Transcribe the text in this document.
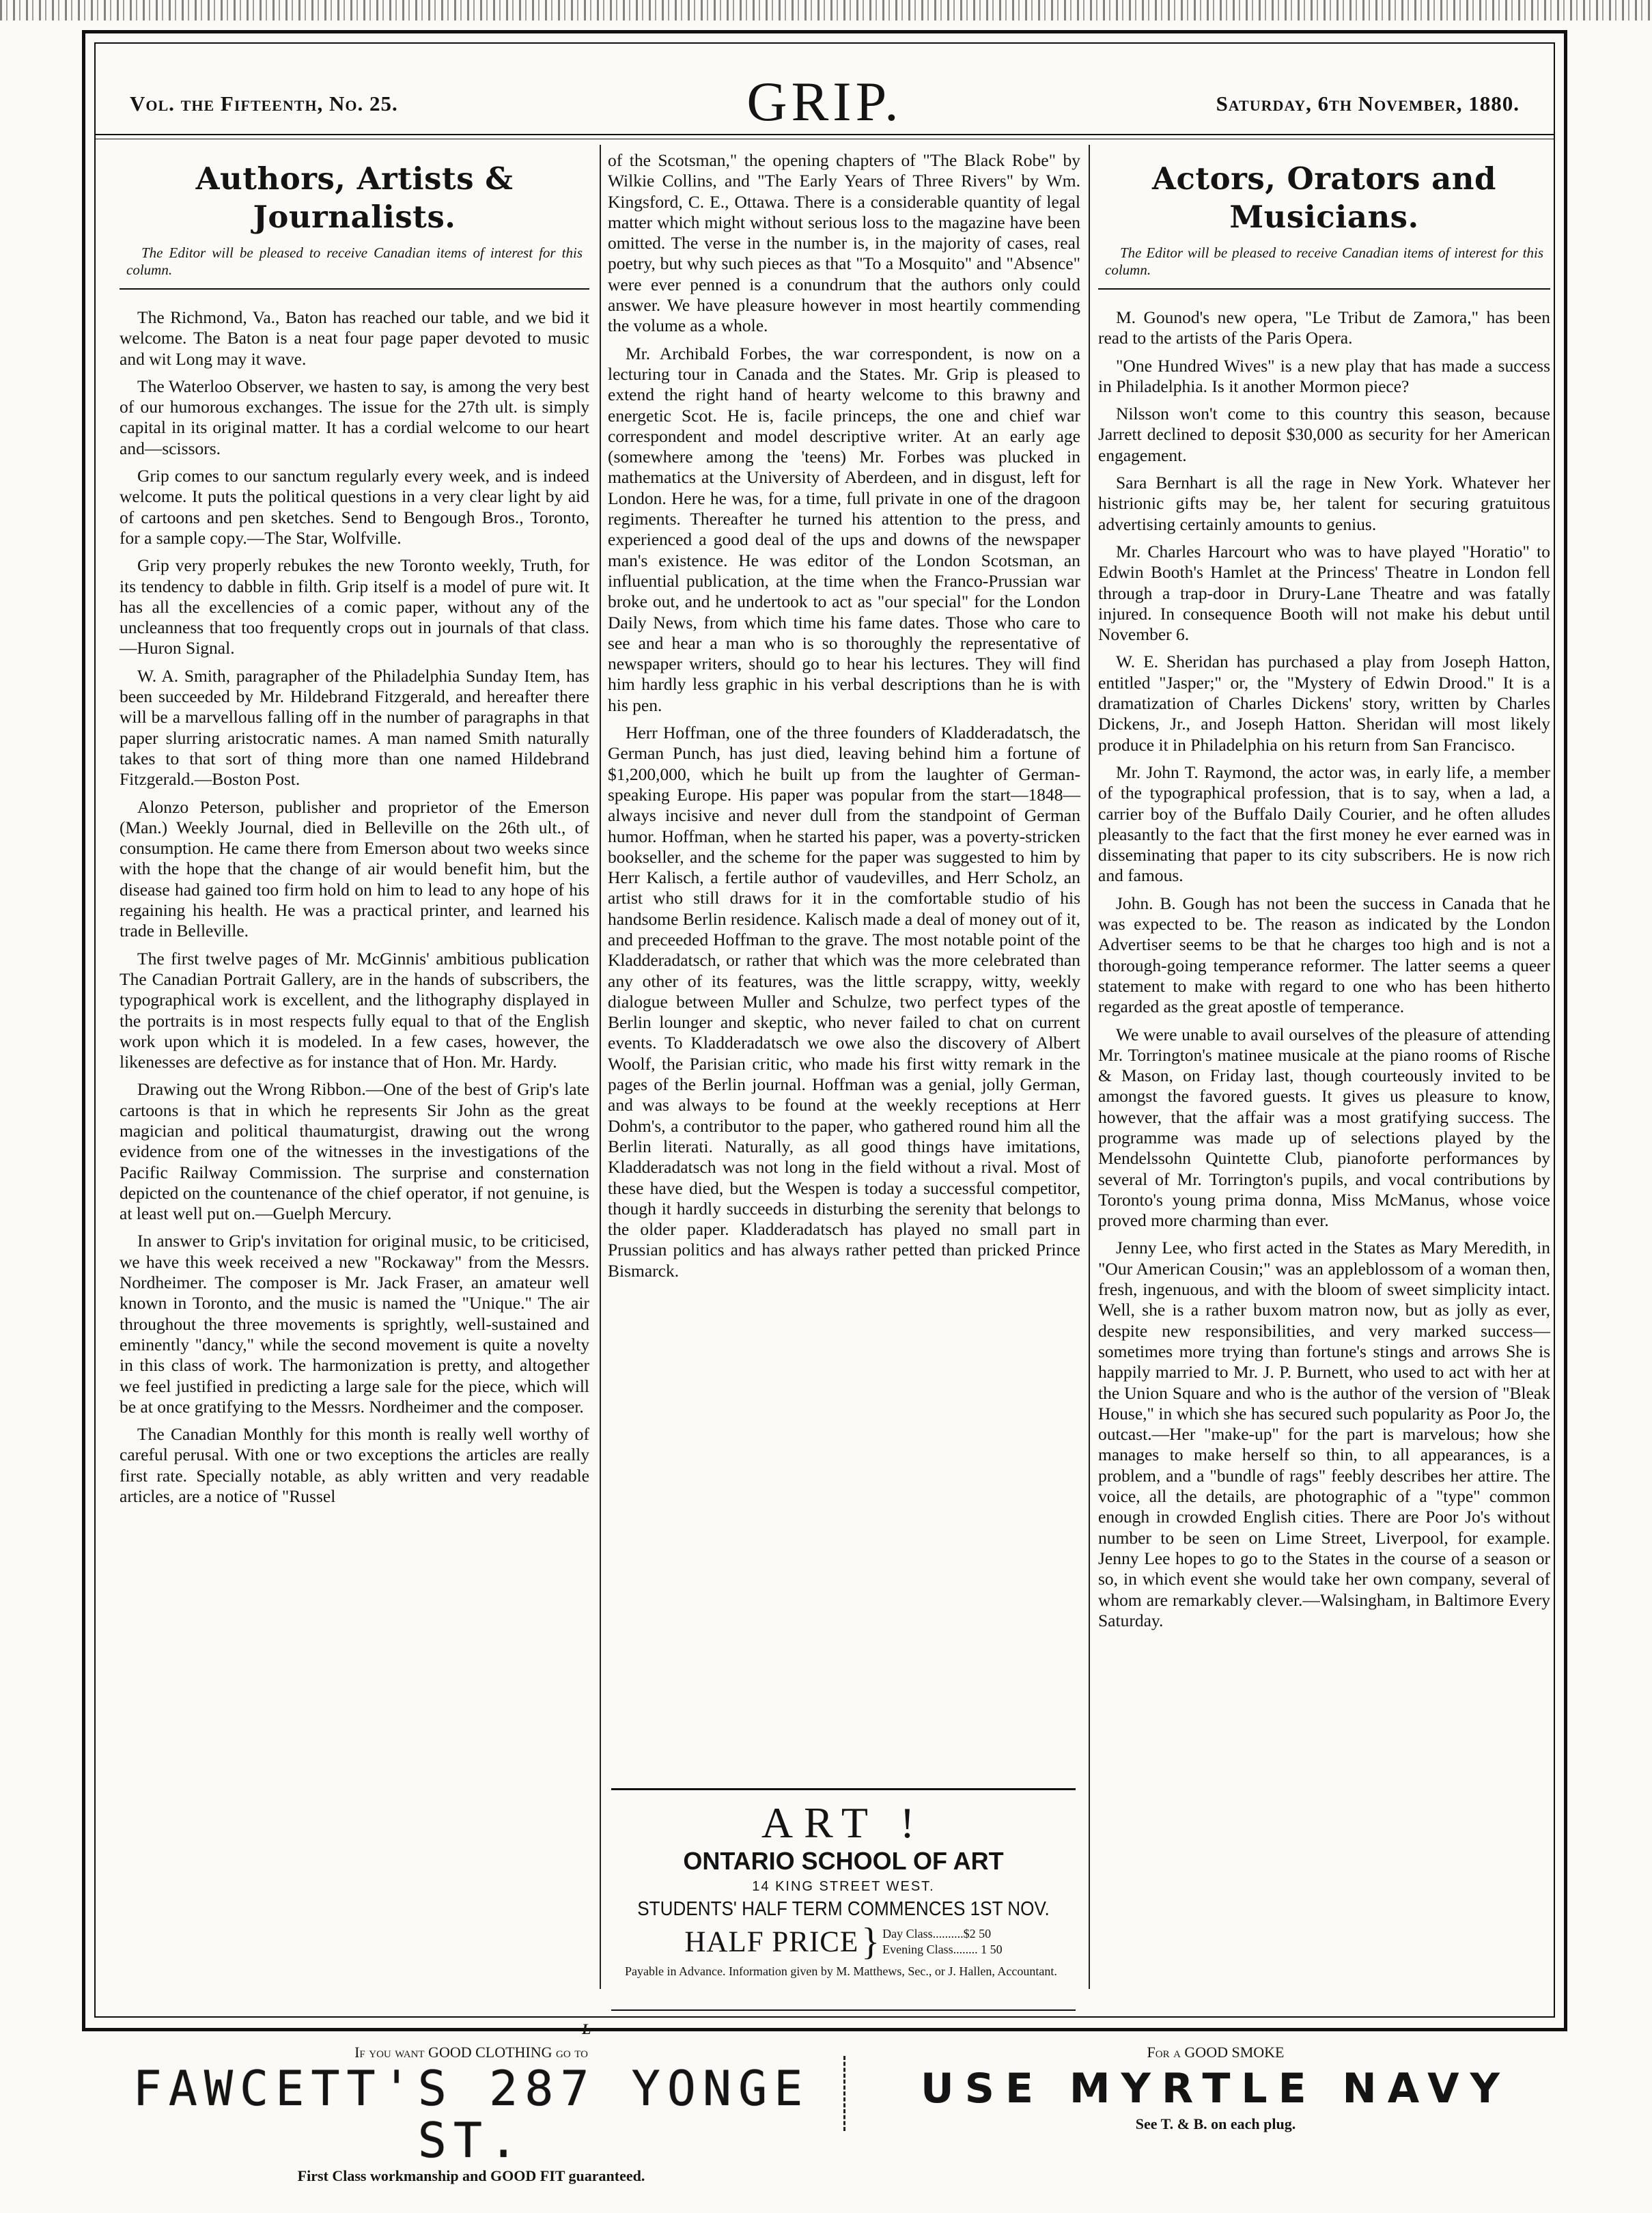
Vol. the Fifteenth, No. 25.	GRIP.	Saturday, 6th November, 1880.
Authors, Artists & Journalists.
The Editor will be pleased to receive Canadian items of interest for this column.

The Richmond, Va., Baton has reached our table, and we bid it welcome. The Baton is a neat four page paper devoted to music and wit Long may it wave.

The Waterloo Observer, we hasten to say, is among the very best of our humorous exchanges. The issue for the 27th ult. is simply capital in its original matter. It has a cordial welcome to our heart and—scissors.

Grip comes to our sanctum regularly every week, and is indeed welcome. It puts the political questions in a very clear light by aid of cartoons and pen sketches. Send to Bengough Bros., Toronto, for a sample copy.—The Star, Wolfville.

Grip very properly rebukes the new Toronto weekly, Truth, for its tendency to dabble in filth. Grip itself is a model of pure wit. It has all the excellencies of a comic paper, without any of the uncleanness that too frequently crops out in journals of that class.—Huron Signal.

W. A. Smith, paragrapher of the Philadelphia Sunday Item, has been succeeded by Mr. Hildebrand Fitzgerald, and hereafter there will be a marvellous falling off in the number of paragraphs in that paper slurring aristocratic names. A man named Smith naturally takes to that sort of thing more than one named Hildebrand Fitzgerald.—Boston Post.

Alonzo Peterson, publisher and proprietor of the Emerson (Man.) Weekly Journal, died in Belleville on the 26th ult., of consumption. He came there from Emerson about two weeks since with the hope that the change of air would benefit him, but the disease had gained too firm hold on him to lead to any hope of his regaining his health. He was a practical printer, and learned his trade in Belleville.

The first twelve pages of Mr. McGinnis' ambitious publication The Canadian Portrait Gallery, are in the hands of subscribers, the typographical work is excellent, and the lithography displayed in the portraits is in most respects fully equal to that of the English work upon which it is modeled. In a few cases, however, the likenesses are defective as for instance that of Hon. Mr. Hardy.

Drawing out the Wrong Ribbon.—One of the best of Grip's late cartoons is that in which he represents Sir John as the great magician and political thaumaturgist, drawing out the wrong evidence from one of the witnesses in the investigations of the Pacific Railway Commission. The surprise and consternation depicted on the countenance of the chief operator, if not genuine, is at least well put on.—Guelph Mercury.

In answer to Grip's invitation for original music, to be criticised, we have this week received a new "Rockaway" from the Messrs. Nordheimer. The composer is Mr. Jack Fraser, an amateur well known in Toronto, and the music is named the "Unique." The air throughout the three movements is sprightly, well-sustained and eminently "dancy," while the second movement is quite a novelty in this class of work. The harmonization is pretty, and altogether we feel justified in predicting a large sale for the piece, which will be at once gratifying to the Messrs. Nordheimer and the composer.

The Canadian Monthly for this month is really well worthy of careful perusal. With one or two exceptions the articles are really first rate. Specially notable, as ably written and very readable articles, are a notice of "Russel

of the Scotsman," the opening chapters of "The Black Robe" by Wilkie Collins, and "The Early Years of Three Rivers" by Wm. Kingsford, C. E., Ottawa. There is a considerable quantity of legal matter which might without serious loss to the magazine have been omitted. The verse in the number is, in the majority of cases, real poetry, but why such pieces as that "To a Mosquito" and "Absence" were ever penned is a conundrum that the authors only could answer. We have pleasure however in most heartily commending the volume as a whole.

Mr. Archibald Forbes, the war correspondent, is now on a lecturing tour in Canada and the States. Mr. Grip is pleased to extend the right hand of hearty welcome to this brawny and energetic Scot. He is, facile princeps, the one and chief war correspondent and model descriptive writer. At an early age (somewhere among the 'teens) Mr. Forbes was plucked in mathematics at the University of Aberdeen, and in disgust, left for London. Here he was, for a time, full private in one of the dragoon regiments. Thereafter he turned his attention to the press, and experienced a good deal of the ups and downs of the newspaper man's existence. He was editor of the London Scotsman, an influential publication, at the time when the Franco-Prussian war broke out, and he undertook to act as "our special" for the London Daily News, from which time his fame dates. Those who care to see and hear a man who is so thoroughly the representative of newspaper writers, should go to hear his lectures. They will find him hardly less graphic in his verbal descriptions than he is with his pen.

Herr Hoffman, one of the three founders of Kladderadatsch, the German Punch, has just died, leaving behind him a fortune of $1,200,000, which he built up from the laughter of German-speaking Europe. His paper was popular from the start—1848—always incisive and never dull from the standpoint of German humor. Hoffman, when he started his paper, was a poverty-stricken bookseller, and the scheme for the paper was suggested to him by Herr Kalisch, a fertile author of vaudevilles, and Herr Scholz, an artist who still draws for it in the comfortable studio of his handsome Berlin residence. Kalisch made a deal of money out of it, and preceeded Hoffman to the grave. The most notable point of the Kladderadatsch, or rather that which was the more celebrated than any other of its features, was the little scrappy, witty, weekly dialogue between Muller and Schulze, two perfect types of the Berlin lounger and skeptic, who never failed to chat on current events. To Kladderadatsch we owe also the discovery of Albert Woolf, the Parisian critic, who made his first witty remark in the pages of the Berlin journal. Hoffman was a genial, jolly German, and was always to be found at the weekly receptions at Herr Dohm's, a contributor to the paper, who gathered round him all the Berlin literati. Naturally, as all good things have imitations, Kladderadatsch was not long in the field without a rival. Most of these have died, but the Wespen is today a successful competitor, though it hardly succeeds in disturbing the serenity that belongs to the older paper. Kladderadatsch has played no small part in Prussian politics and has always rather petted than pricked Prince Bismarck.

ART !
ONTARIO SCHOOL OF ART
14 KING STREET WEST.
STUDENTS' HALF TERM COMMENCES 1ST NOV.
HALF PRICE } Day Class..........$2 50
Evening Class........ 1 50
Payable in Advance. Information given by M. Matthews, Sec., or J. Hallen, Accountant.
L
Actors, Orators and Musicians.
The Editor will be pleased to receive Canadian items of interest for this column.

M. Gounod's new opera, "Le Tribut de Zamora," has been read to the artists of the Paris Opera.

"One Hundred Wives" is a new play that has made a success in Philadelphia. Is it another Mormon piece?

Nilsson won't come to this country this season, because Jarrett declined to deposit $30,000 as security for her American engagement.

Sara Bernhart is all the rage in New York. Whatever her histrionic gifts may be, her talent for securing gratuitous advertising certainly amounts to genius.

Mr. Charles Harcourt who was to have played "Horatio" to Edwin Booth's Hamlet at the Princess' Theatre in London fell through a trap-door in Drury-Lane Theatre and was fatally injured. In consequence Booth will not make his debut until November 6.

W. E. Sheridan has purchased a play from Joseph Hatton, entitled "Jasper;" or, the "Mystery of Edwin Drood." It is a dramatization of Charles Dickens' story, written by Charles Dickens, Jr., and Joseph Hatton. Sheridan will most likely produce it in Philadelphia on his return from San Francisco.

Mr. John T. Raymond, the actor was, in early life, a member of the typographical profession, that is to say, when a lad, a carrier boy of the Buffalo Daily Courier, and he often alludes pleasantly to the fact that the first money he ever earned was in disseminating that paper to its city subscribers. He is now rich and famous.

John. B. Gough has not been the success in Canada that he was expected to be. The reason as indicated by the London Advertiser seems to be that he charges too high and is not a thorough-going temperance reformer. The latter seems a queer statement to make with regard to one who has been hitherto regarded as the great apostle of temperance.

We were unable to avail ourselves of the pleasure of attending Mr. Torrington's matinee musicale at the piano rooms of Rische & Mason, on Friday last, though courteously invited to be amongst the favored guests. It gives us pleasure to know, however, that the affair was a most gratifying success. The programme was made up of selections played by the Mendelssohn Quintette Club, pianoforte performances by several of Mr. Torrington's pupils, and vocal contributions by Toronto's young prima donna, Miss McManus, whose voice proved more charming than ever.

Jenny Lee, who first acted in the States as Mary Meredith, in "Our American Cousin;" was an appleblossom of a woman then, fresh, ingenuous, and with the bloom of sweet simplicity intact. Well, she is a rather buxom matron now, but as jolly as ever, despite new responsibilities, and very marked success—sometimes more trying than fortune's stings and arrows She is happily married to Mr. J. P. Burnett, who used to act with her at the Union Square and who is the author of the version of "Bleak House," in which she has secured such popularity as Poor Jo, the outcast.—Her "make-up" for the part is marvelous; how she manages to make herself so thin, to all appearances, is a problem, and a "bundle of rags" feebly describes her attire. The voice, all the details, are photographic of a "type" common enough in crowded English cities. There are Poor Jo's without number to be seen on Lime Street, Liverpool, for example. Jenny Lee hopes to go to the States in the course of a season or so, in which event she would take her own company, several of whom are remarkably clever.—Walsingham, in Baltimore Every Saturday.

If you want GOOD CLOTHING go to
FAWCETT'S 287 YONGE ST.
First Class workmanship and GOOD FIT guaranteed.
For a GOOD SMOKE
USE MYRTLE NAVY
See T. & B. on each plug.
